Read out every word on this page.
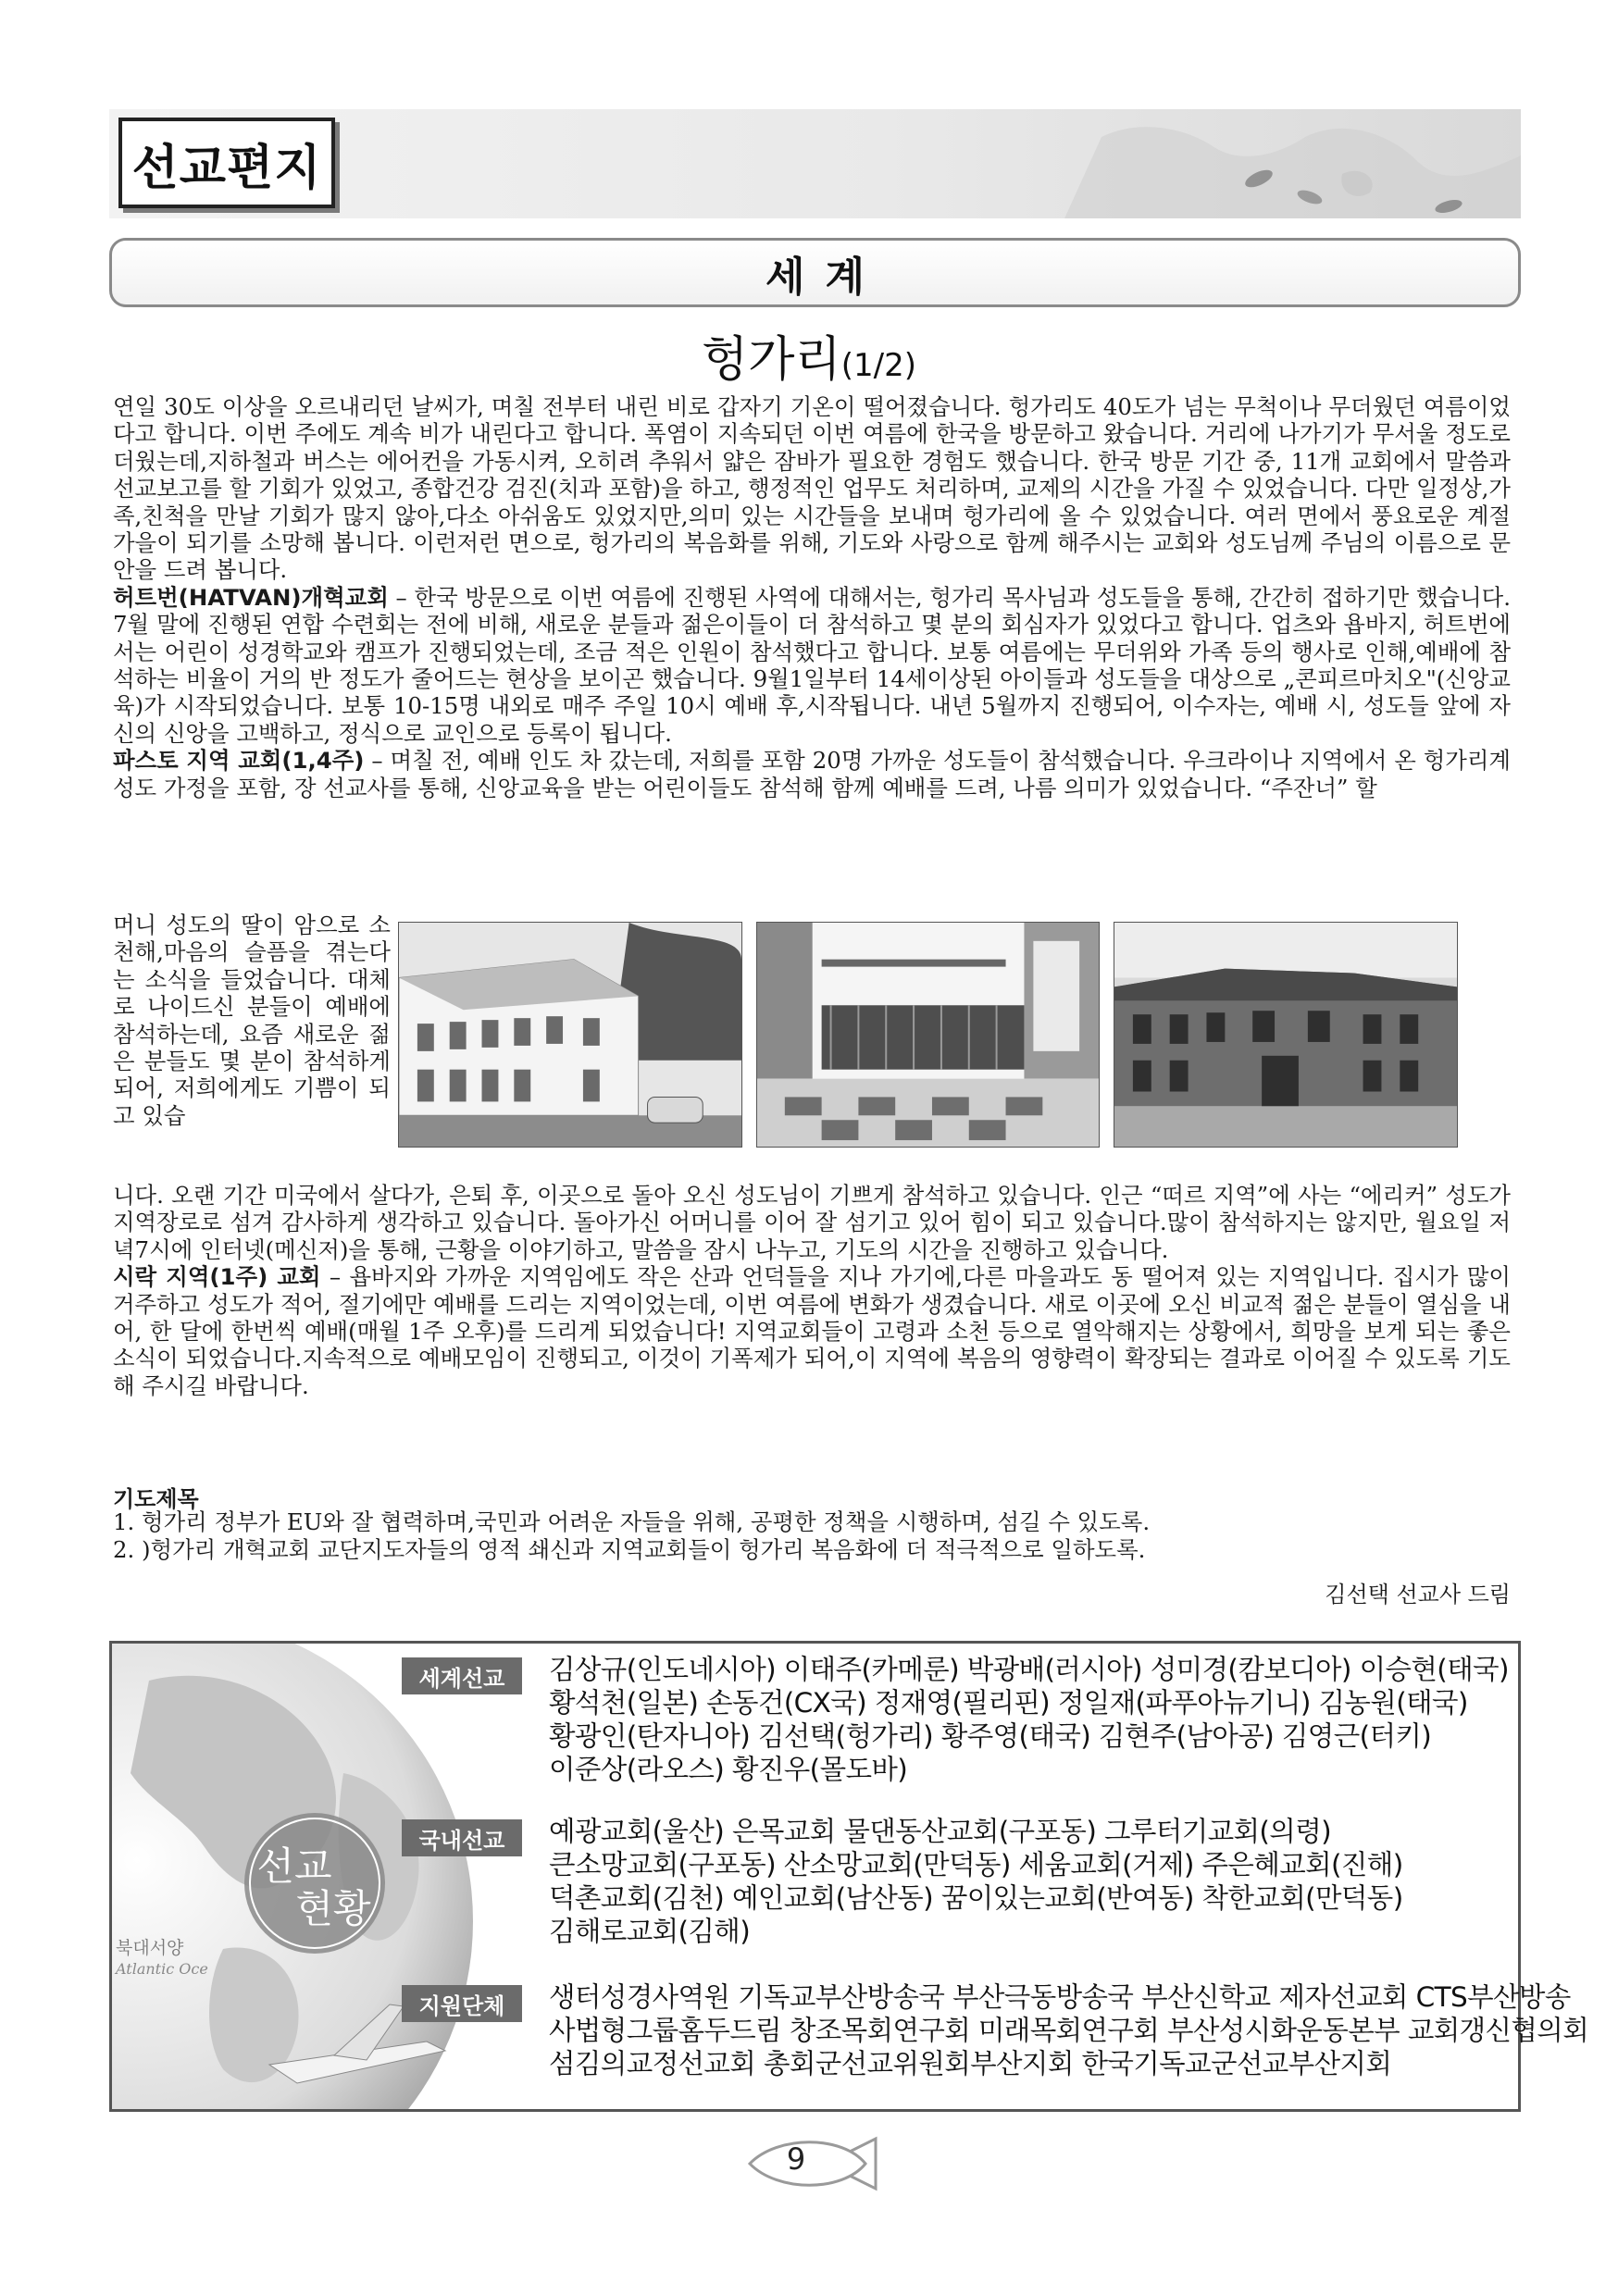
선교편지
세계
헝가리(1/2)

연일 30도 이상을 오르내리던 날씨가, 며칠 전부터 내린 비로 갑자기 기온이 떨어졌습니다. 헝가리도 40도가 넘는 무척이나 무더웠던 여름이었다고 합니다. 이번 주에도 계속 비가 내린다고 합니다. 폭염이 지속되던 이번 여름에 한국을 방문하고 왔습니다. 거리에 나가기가 무서울 정도로 더웠는데,지하철과 버스는 에어컨을 가동시켜, 오히려 추워서 얇은 잠바가 필요한 경험도 했습니다. 한국 방문 기간 중, 11개 교회에서 말씀과 선교보고를 할 기회가 있었고, 종합건강 검진(치과 포함)을 하고, 행정적인 업무도 처리하며, 교제의 시간을 가질 수 있었습니다. 다만 일정상,가족,친척을 만날 기회가 많지 않아,다소 아쉬움도 있었지만,의미 있는 시간들을 보내며 헝가리에 올 수 있었습니다. 여러 면에서 풍요로운 계절 가을이 되기를 소망해 봅니다. 이런저런 면으로, 헝가리의 복음화를 위해, 기도와 사랑으로 함께 해주시는 교회와 성도님께 주님의 이름으로 문안을 드려 봅니다.

허트번(HATVAN)개혁교회 – 한국 방문으로 이번 여름에 진행된 사역에 대해서는, 헝가리 목사님과 성도들을 통해, 간간히 접하기만 했습니다. 7월 말에 진행된 연합 수련회는 전에 비해, 새로운 분들과 젊은이들이 더 참석하고 몇 분의 회심자가 있었다고 합니다. 업츠와 욥바지, 허트번에서는 어린이 성경학교와 캠프가 진행되었는데, 조금 적은 인원이 참석했다고 합니다. 보통 여름에는 무더위와 가족 등의 행사로 인해,예배에 참석하는 비율이 거의 반 정도가 줄어드는 현상을 보이곤 했습니다. 9월1일부터 14세이상된 아이들과 성도들을 대상으로 „콘피르마치오"(신앙교육)가 시작되었습니다. 보통 10-15명 내외로 매주 주일 10시 예배 후,시작됩니다. 내년 5월까지 진행되어, 이수자는, 예배 시, 성도들 앞에 자신의 신앙을 고백하고, 정식으로 교인으로 등록이 됩니다.

파스토 지역 교회(1,4주) – 며칠 전, 예배 인도 차 갔는데, 저희를 포함 20명 가까운 성도들이 참석했습니다. 우크라이나 지역에서 온 헝가리계 성도 가정을 포함, 장 선교사를 통해, 신앙교육을 받는 어린이들도 참석해 함께 예배를 드려, 나름 의미가 있었습니다. “주잔너” 할

머니 성도의 딸이 암으로 소천해,마음의 슬픔을 겪는다는 소식을 들었습니다. 대체로 나이드신 분들이 예배에 참석하는데, 요즘 새로운 젊은 분들도 몇 분이 참석하게 되어, 저희에게도 기쁨이 되고 있습

니다. 오랜 기간 미국에서 살다가, 은퇴 후, 이곳으로 돌아 오신 성도님이 기쁘게 참석하고 있습니다. 인근 “떠르 지역”에 사는 “에리커” 성도가 지역장로로 섬겨 감사하게 생각하고 있습니다. 돌아가신 어머니를 이어 잘 섬기고 있어 힘이 되고 있습니다.많이 참석하지는 않지만, 월요일 저녁7시에 인터넷(메신저)을 통해, 근황을 이야기하고, 말씀을 잠시 나누고, 기도의 시간을 진행하고 있습니다.

시락 지역(1주) 교회 – 욥바지와 가까운 지역임에도 작은 산과 언덕들을 지나 가기에,다른 마을과도 동 떨어져 있는 지역입니다. 집시가 많이 거주하고 성도가 적어, 절기에만 예배를 드리는 지역이었는데, 이번 여름에 변화가 생겼습니다. 새로 이곳에 오신 비교적 젊은 분들이 열심을 내어, 한 달에 한번씩 예배(매월 1주 오후)를 드리게 되었습니다! 지역교회들이 고령과 소천 등으로 열악해지는 상황에서, 희망을 보게 되는 좋은 소식이 되었습니다.지속적으로 예배모임이 진행되고, 이것이 기폭제가 되어,이 지역에 복음의 영향력이 확장되는 결과로 이어질 수 있도록 기도해 주시길 바랍니다.

기도제목
1. 헝가리 정부가 EU와 잘 협력하며,국민과 어려운 자들을 위해, 공평한 정책을 시행하며, 섬길 수 있도록.
2. )헝가리 개혁교회 교단지도자들의 영적 쇄신과 지역교회들이 헝가리 복음화에 더 적극적으로 일하도록.
김선택 선교사 드림
북대서양
Atlantic Oce
선교
현황
세계선교	김상규(인도네시아) 이태주(카메룬) 박광배(러시아) 성미경(캄보디아) 이승현(태국)
황석천(일본) 손동건(CX국) 정재영(필리핀) 정일재(파푸아뉴기니) 김농원(태국)
황광인(탄자니아) 김선택(헝가리) 황주영(태국) 김현주(남아공) 김영근(터키)
이준상(라오스) 황진우(몰도바)
국내선교	예광교회(울산) 은목교회 물댄동산교회(구포동) 그루터기교회(의령)
큰소망교회(구포동) 산소망교회(만덕동) 세움교회(거제) 주은혜교회(진해)
덕촌교회(김천) 예인교회(남산동) 꿈이있는교회(반여동) 착한교회(만덕동)
김해로교회(김해)
지원단체	생터성경사역원 기독교부산방송국 부산극동방송국 부산신학교 제자선교회 CTS부산방송
사법형그룹홈두드림 창조목회연구회 미래목회연구회 부산성시화운동본부 교회갱신협의회
섬김의교정선교회 총회군선교위원회부산지회 한국기독교군선교부산지회
9
